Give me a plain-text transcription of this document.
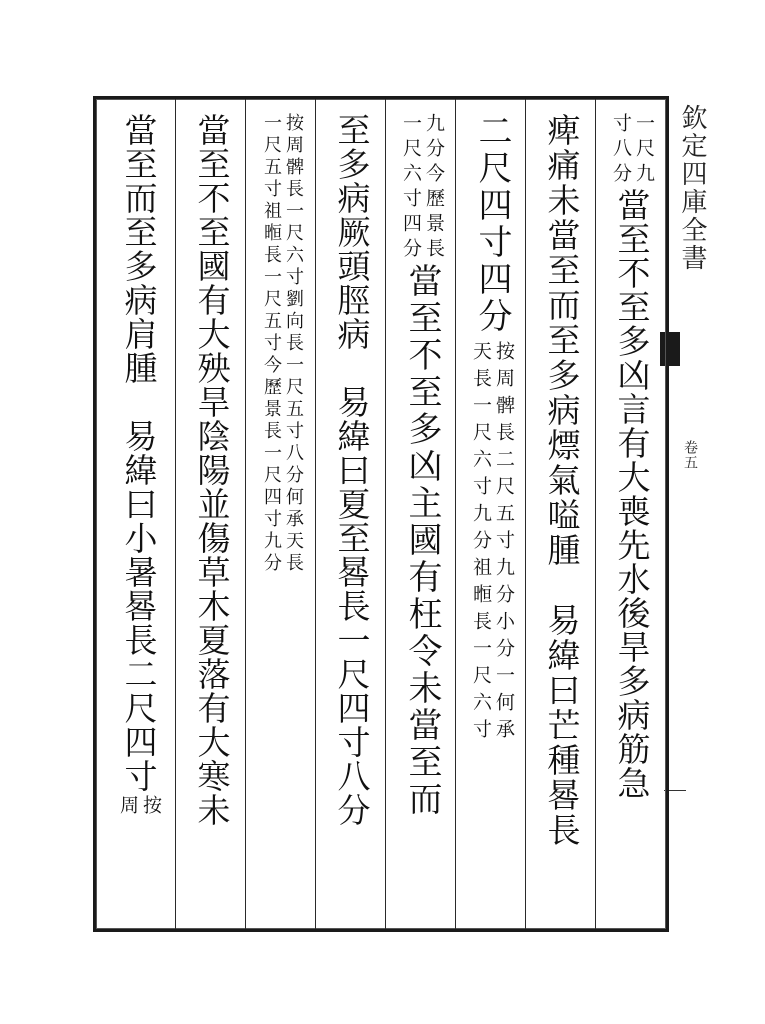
欽定四庫全書
卷五
一尺九
寸八分
當至不至多凶言有大喪先水後旱多病筋急
痺痛未當至而至多病熛氣嗌腫　易緯曰芒種晷長
二尺四寸四分
按周髀長二尺五寸九分小分一何承
天長一尺六寸九分祖暅長一尺六寸
九分今歷景長
一尺六寸四分
當至不至多凶主國有枉令未當至而
至多病厥頭脛病　易緯曰夏至晷長一尺四寸八分
按周髀長一尺六寸劉向長一尺五寸八分何承天長
一尺五寸祖暅長一尺五寸今歷景長一尺四寸九分
當至不至國有大殃旱陰陽並傷草木夏落有大寒未
當至而至多病肩腫　易緯曰小暑晷長二尺四寸
按
周
